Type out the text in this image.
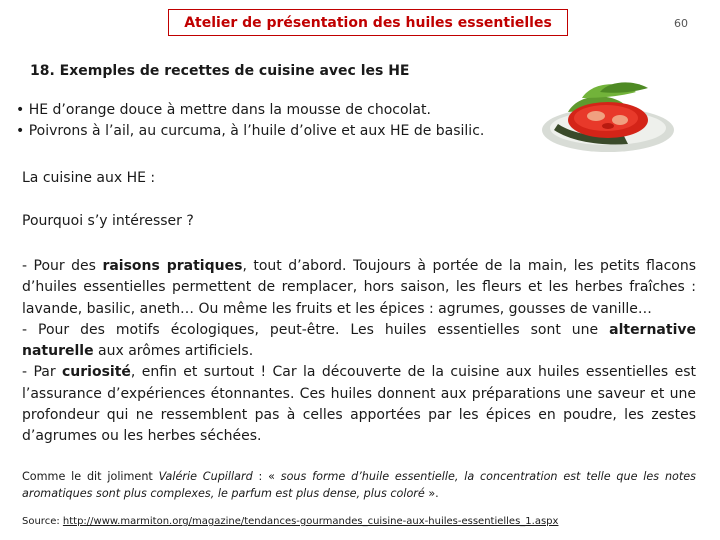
Atelier de présentation des huiles essentielles	60
18. Exemples de recettes de cuisine avec les HE
• HE d’orange douce à mettre dans la mousse de chocolat.
• Poivrons à l’ail, au curcuma, à l’huile d’olive et aux HE de basilic.
La cuisine aux HE :
Pourquoi s’y intéresser ?

- Pour des raisons pratiques, tout d’abord. Toujours à portée de la main, les petits flacons d’huiles essentielles permettent de remplacer, hors saison, les fleurs et les herbes fraîches : lavande, basilic, aneth… Ou même les fruits et les épices : agrumes, gousses de vanille…

- Pour des motifs écologiques, peut-être. Les huiles essentielles sont une alternative naturelle aux arômes artificiels.

- Par curiosité, enfin et surtout ! Car la découverte de la cuisine aux huiles essentielles est l’assurance d’expériences étonnantes. Ces huiles donnent aux préparations une saveur et une profondeur qui ne ressemblent pas à celles apportées par les épices en poudre, les zestes d’agrumes ou les herbes séchées.

Comme le dit joliment Valérie Cupillard : « sous forme d’huile essentielle, la concentration est telle que les notes aromatiques sont plus complexes, le parfum est plus dense, plus coloré ».

Source: http://www.marmiton.org/magazine/tendances-gourmandes_cuisine-aux-huiles-essentielles_1.aspx
